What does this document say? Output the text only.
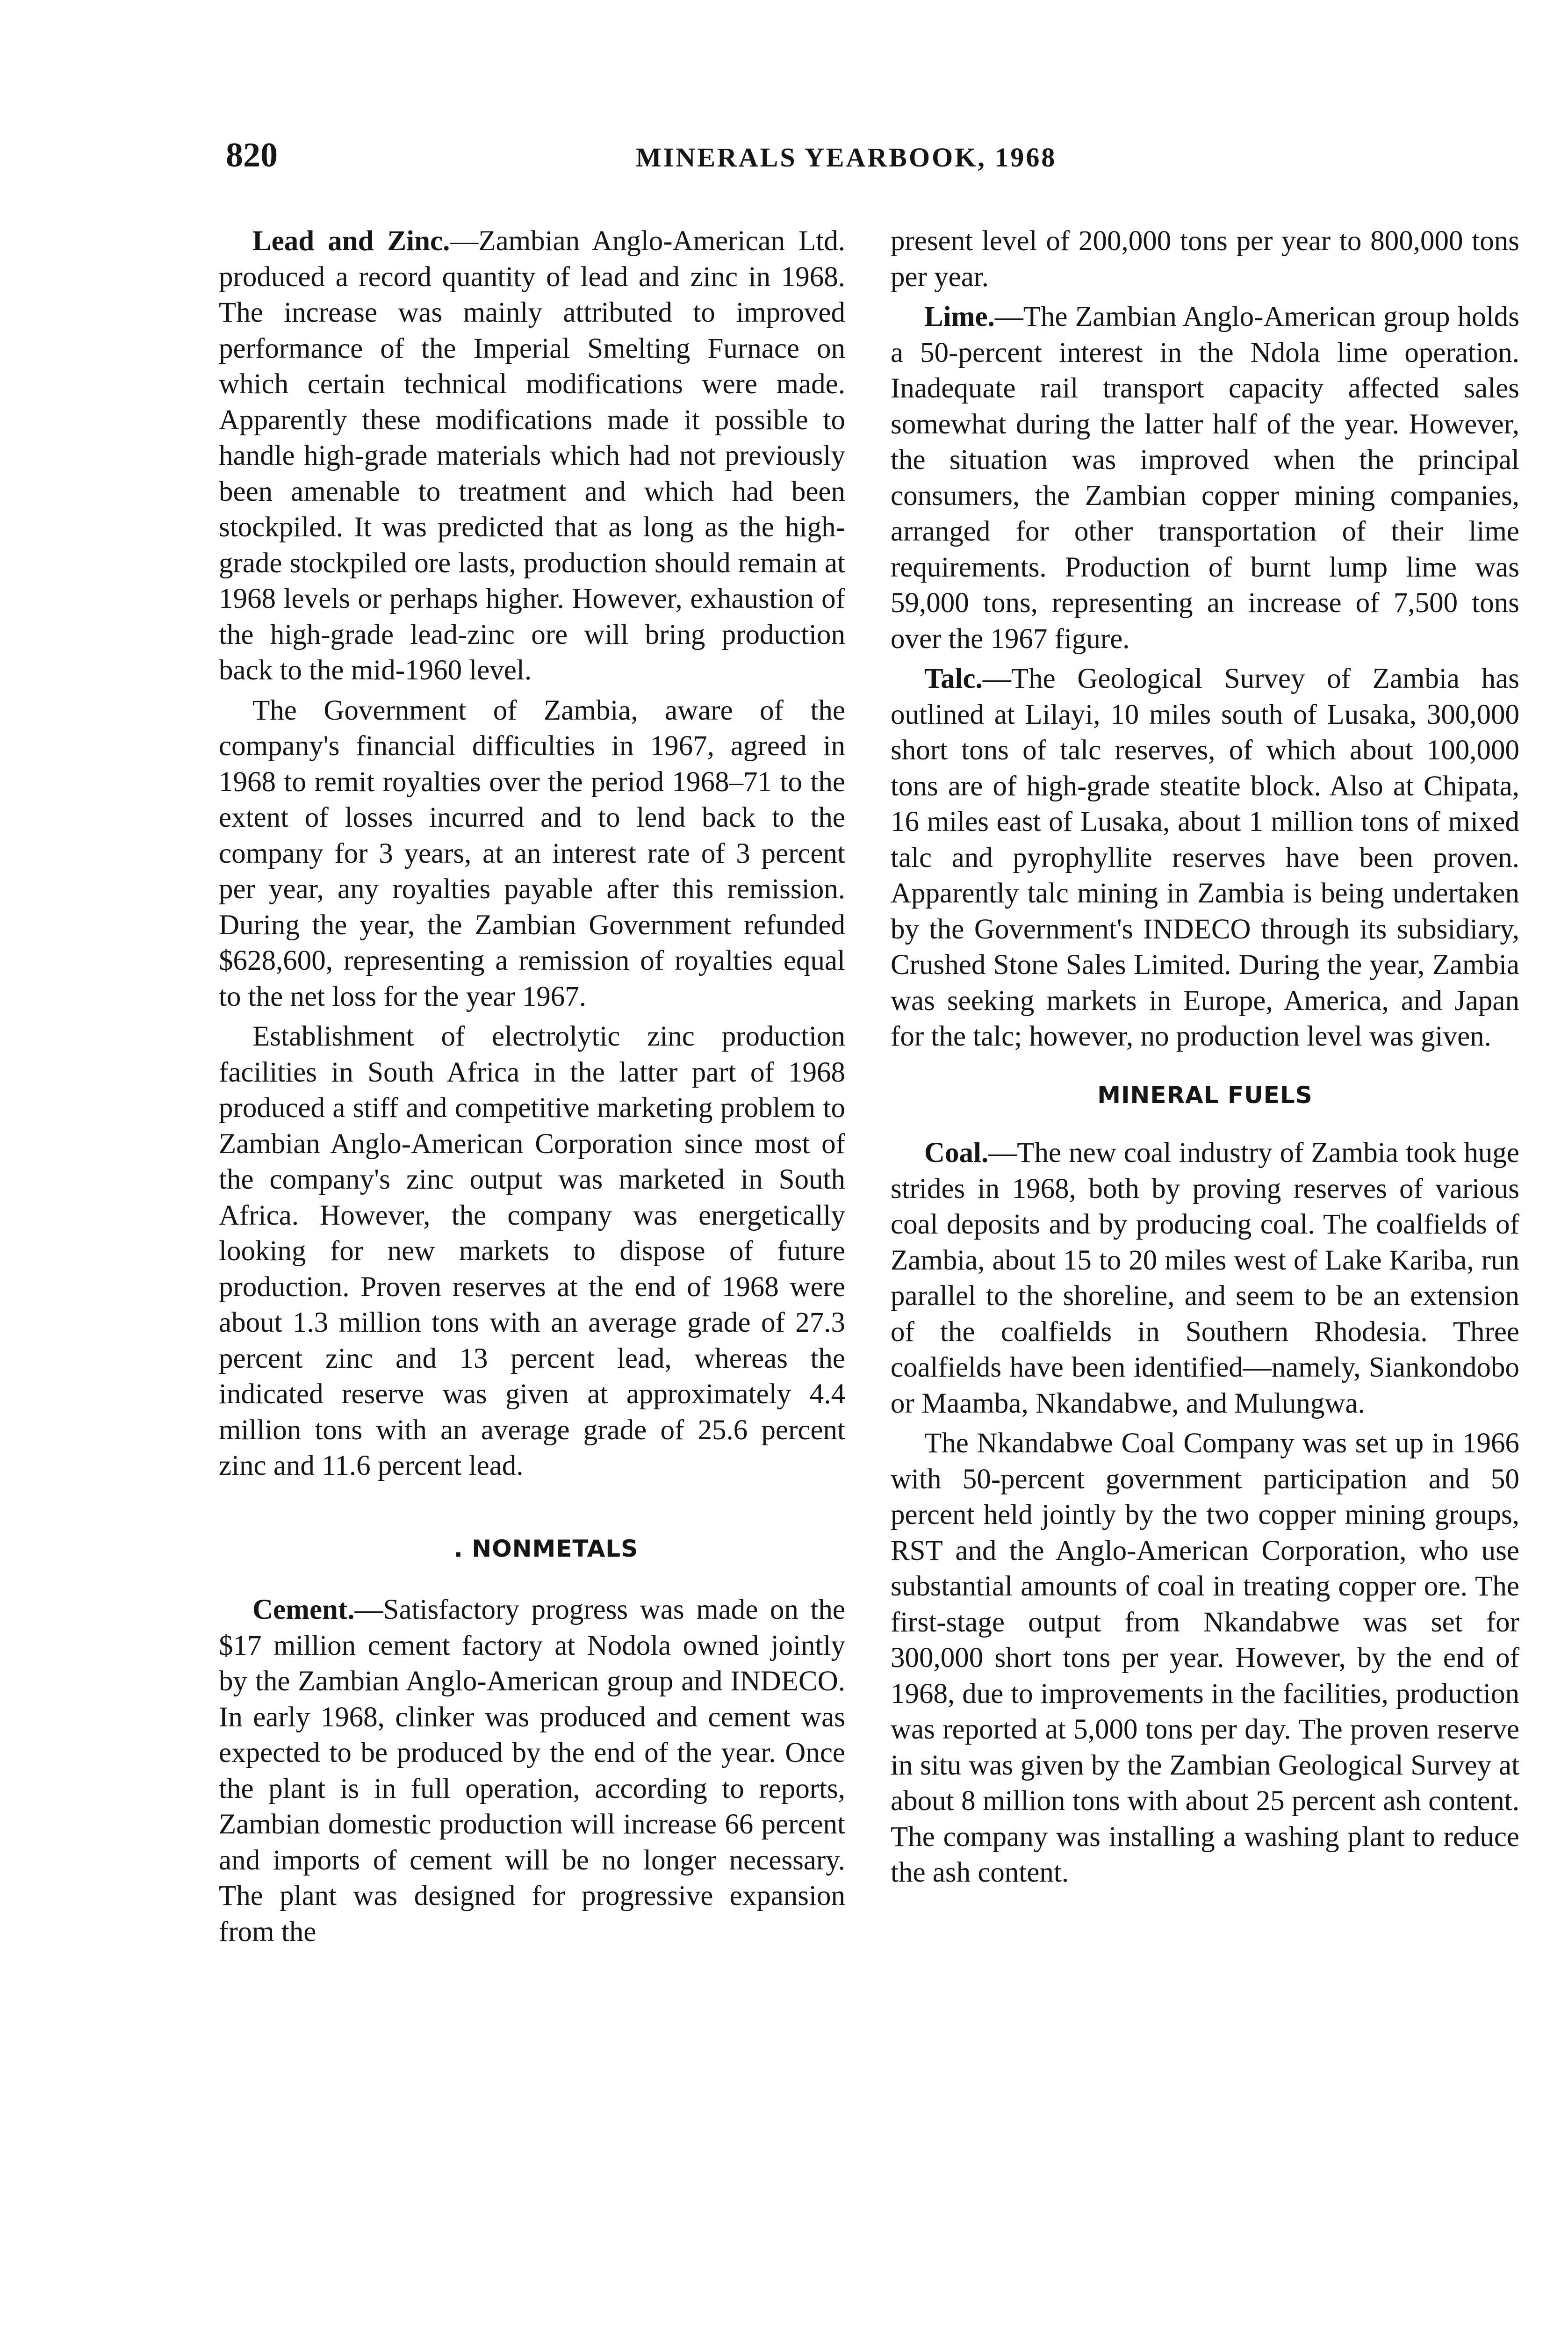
820	MINERALS YEARBOOK, 1968

Lead and Zinc.—Zambian Anglo-American Ltd. produced a record quantity of lead and zinc in 1968. The increase was mainly attributed to improved performance of the Imperial Smelting Furnace on which certain technical modifications were made. Apparently these modifications made it possible to handle high-grade materials which had not previously been amenable to treatment and which had been stockpiled. It was predicted that as long as the high-grade stockpiled ore lasts, production should remain at 1968 levels or perhaps higher. However, exhaustion of the high-grade lead-zinc ore will bring production back to the mid-1960 level.

The Government of Zambia, aware of the company's financial difficulties in 1967, agreed in 1968 to remit royalties over the period 1968–71 to the extent of losses incurred and to lend back to the company for 3 years, at an interest rate of 3 percent per year, any royalties payable after this remission. During the year, the Zambian Government refunded $628,600, representing a remission of royalties equal to the net loss for the year 1967.

Establishment of electrolytic zinc production facilities in South Africa in the latter part of 1968 produced a stiff and competitive marketing problem to Zambian Anglo-American Corporation since most of the company's zinc output was marketed in South Africa. However, the company was energetically looking for new markets to dispose of future production. Proven reserves at the end of 1968 were about 1.3 million tons with an average grade of 27.3 percent zinc and 13 percent lead, whereas the indicated reserve was given at approximately 4.4 million tons with an average grade of 25.6 percent zinc and 11.6 percent lead.

. NONMETALS

Cement.—Satisfactory progress was made on the $17 million cement factory at Nodola owned jointly by the Zambian Anglo-American group and INDECO. In early 1968, clinker was produced and cement was expected to be produced by the end of the year. Once the plant is in full operation, according to reports, Zambian domestic production will increase 66 percent and imports of cement will be no longer necessary. The plant was designed for progressive expansion from the

present level of 200,000 tons per year to 800,000 tons per year.

Lime.—The Zambian Anglo-American group holds a 50-percent interest in the Ndola lime operation. Inadequate rail transport capacity affected sales somewhat during the latter half of the year. However, the situation was improved when the principal consumers, the Zambian copper mining companies, arranged for other transportation of their lime requirements. Production of burnt lump lime was 59,000 tons, representing an increase of 7,500 tons over the 1967 figure.

Talc.—The Geological Survey of Zambia has outlined at Lilayi, 10 miles south of Lusaka, 300,000 short tons of talc reserves, of which about 100,000 tons are of high-grade steatite block. Also at Chipata, 16 miles east of Lusaka, about 1 million tons of mixed talc and pyrophyllite reserves have been proven. Apparently talc mining in Zambia is being undertaken by the Government's INDECO through its subsidiary, Crushed Stone Sales Limited. During the year, Zambia was seeking markets in Europe, America, and Japan for the talc; however, no production level was given.

MINERAL FUELS

Coal.—The new coal industry of Zambia took huge strides in 1968, both by proving reserves of various coal deposits and by producing coal. The coalfields of Zambia, about 15 to 20 miles west of Lake Kariba, run parallel to the shoreline, and seem to be an extension of the coalfields in Southern Rhodesia. Three coalfields have been identified—namely, Siankondobo or Maamba, Nkandabwe, and Mulungwa.

The Nkandabwe Coal Company was set up in 1966 with 50-percent government participation and 50 percent held jointly by the two copper mining groups, RST and the Anglo-American Corporation, who use substantial amounts of coal in treating copper ore. The first-stage output from Nkandabwe was set for 300,000 short tons per year. However, by the end of 1968, due to improvements in the facilities, production was reported at 5,000 tons per day. The proven reserve in situ was given by the Zambian Geological Survey at about 8 million tons with about 25 percent ash content. The company was installing a washing plant to reduce the ash content.
